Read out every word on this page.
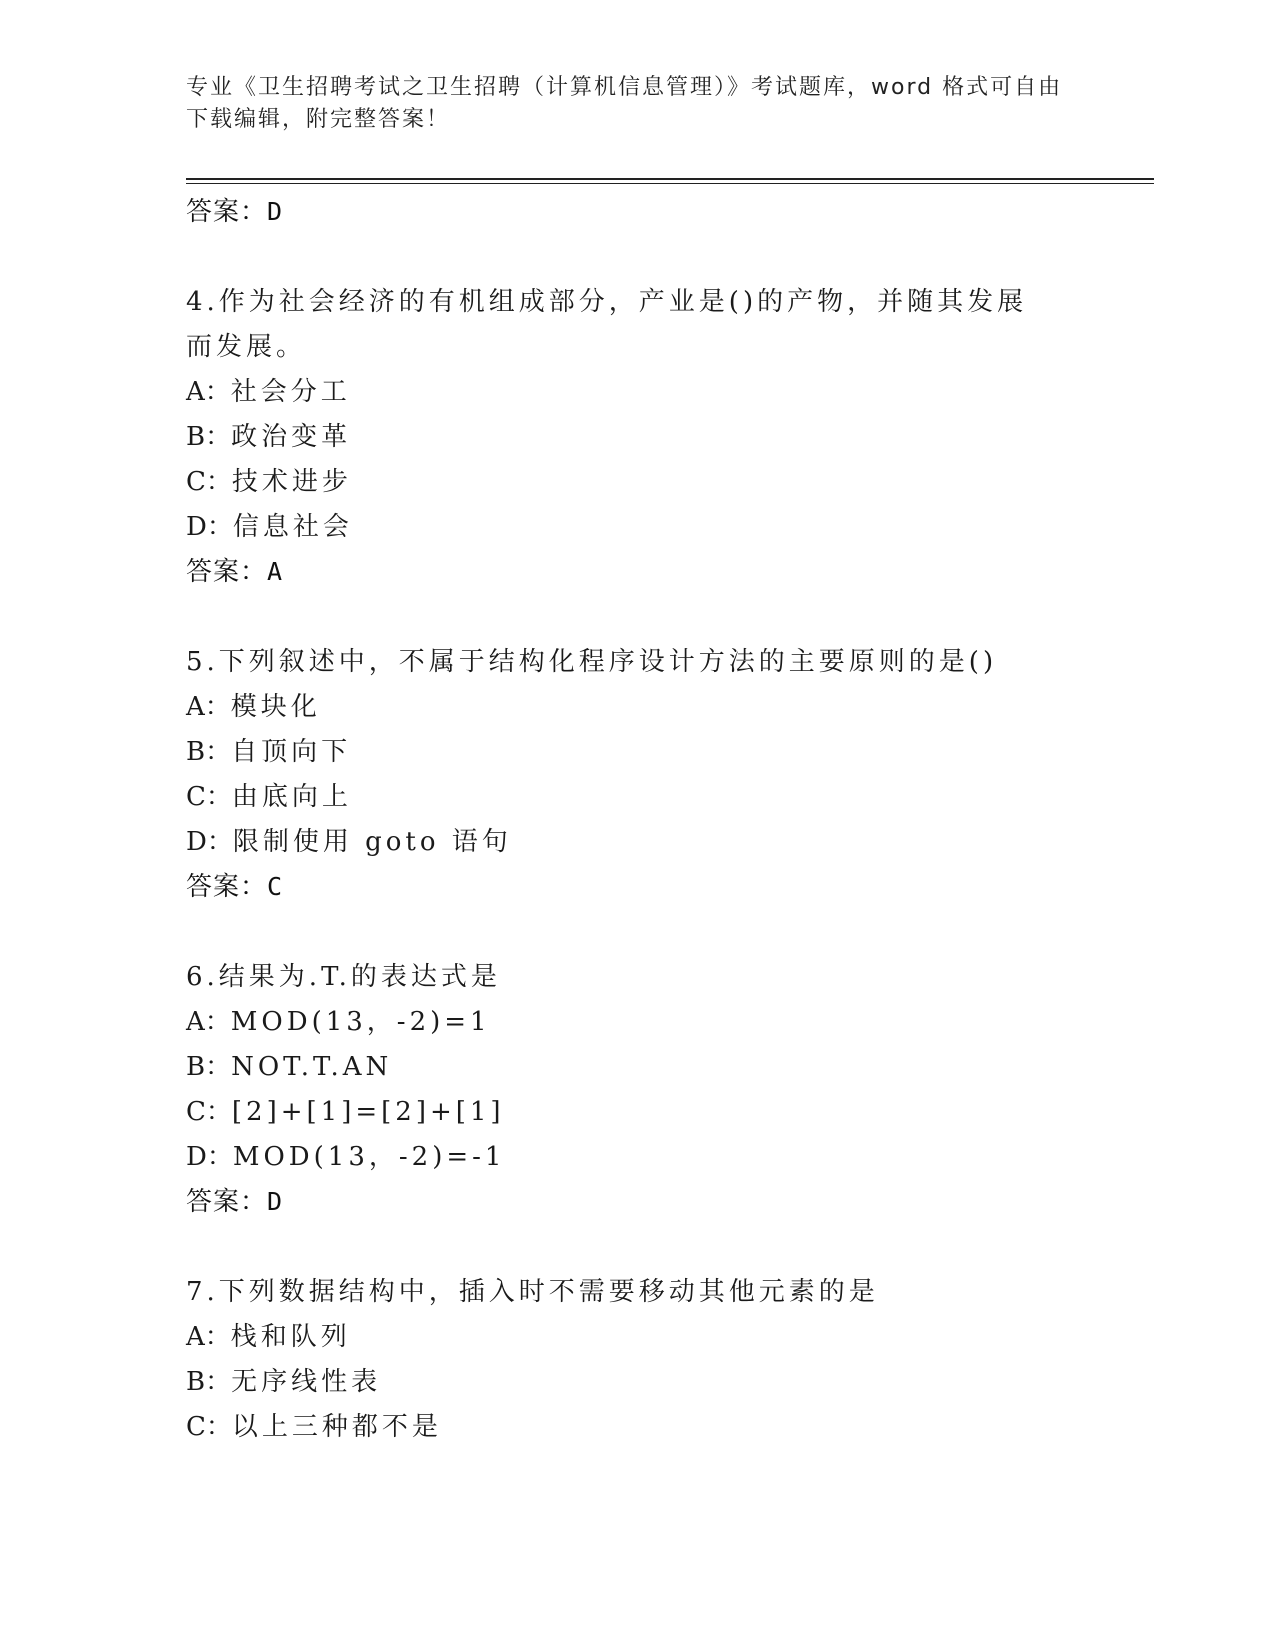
专业《卫生招聘考试之卫生招聘（计算机信息管理）》考试题库，word 格式可自由下载编辑，附完整答案！
答案：D
4.作为社会经济的有机组成部分，产业是()的产物，并随其发展而发展。
A：社会分工
B：政治变革
C：技术进步
D：信息社会
答案：A
5.下列叙述中，不属于结构化程序设计方法的主要原则的是()
A：模块化
B：自顶向下
C：由底向上
D：限制使用 goto 语句
答案：C
6.结果为.T.的表达式是
A：MOD(13，-2)=1
B：NOT.T.AN
C：[2]+[1]=[2]+[1]
D：MOD(13，-2)=-1
答案：D
7.下列数据结构中，插入时不需要移动其他元素的是
A：栈和队列
B：无序线性表
C：以上三种都不是
